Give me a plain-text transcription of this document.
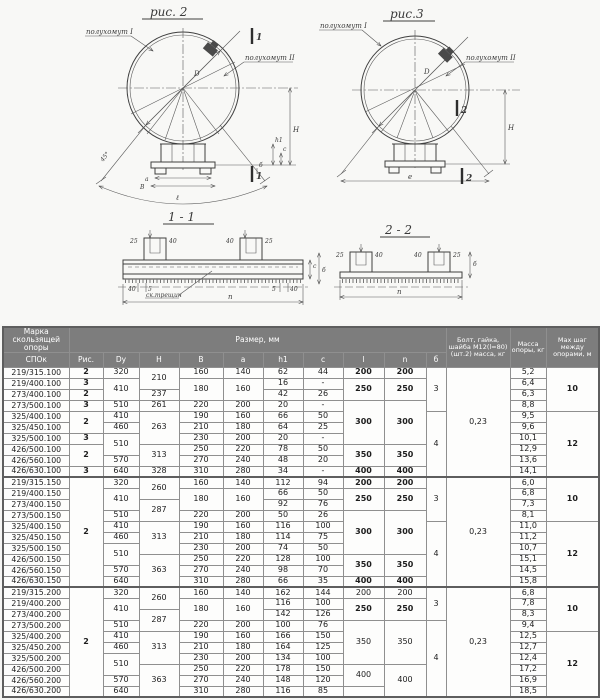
рис. 2
полухомут I
полухомут II
D
45°
ℓ
а
В
Н
h1
с
б
1
1
рис.3
полухомут I
полухомут II
D
е
Н
2
2
1 - 1
25	40	40	25
с
б
40 5	5 40
ск.трещин	n
2 - 2
25	40	40	25
б
n
Марка скользящей опоры	Размер, мм										Болт, гайка, шайба М12(l=80) (шт.2) масса, кг	Масса опоры, кг	Мах шаг между опорами, м
СПОк	Рис.	Dy	Н	В	а	h1	с	l	n	б			
219/315.100	2	320	210	160	140	62	44	200	200	3	0,23	5,2	10
219/400.100	3	410		180	160	16	-	250	250			6,4	
273/400.100	2		237			42	26					6,3	
273/500.100	3	510	261	220	200	20	-	300	300			8,8	
325/400.100	2	410	263	190	160	66	50			4		9,5	12
325/450.100		460		210	180	64	25					9,6	
325/500.100	3	510		230	200	20	-					10,1	
426/500.100	2		313	250	220	78	50	350	350			12,9	
426/560.100		570		270	240	48	20					13,6	
426/630.100	3	640	328	310	280	34	-	400	400			14,1	
219/315.150	2	320	260	160	140	112	94	200	200	3	0,23	6,0	10
219/400.150		410		180	160	66	50	250	250			6,8	
273/400.150			287			92	76					7,3	
273/500.150		510		220	200	50	26	300	300			8,1	
325/400.150		410	313	190	160	116	100			4		11,0	12
325/450.150		460		210	180	114	75					11,2	
325/500.150		510		230	200	74	50					10,7	
426/500.150			363	250	220	128	100	350	350			15,1	
426/560.150		570		270	240	98	70					14,5	
426/630.150		640		310	280	66	35	400	400			15,8	
219/315.200	2	320	260	160	140	162	144	200	200	3	0,23	6,8	10
219/400.200		410		180	160	116	100	250	250			7,8	
273/400.200			287			142	126					8,3	
273/500.200		510		220	200	100	76	350	350	4		9,4	
325/400.200		410	313	190	160	166	150					12,5	12
325/450.200		460		210	180	164	125					12,7	
325/500.200		510		230	200	134	100					12,4	
426/500.200			363	250	220	178	150	400	400			17,2	
426/560.200		570		270	240	148	120					16,9	
426/630.200		640		310	280	116	85					18,5	
